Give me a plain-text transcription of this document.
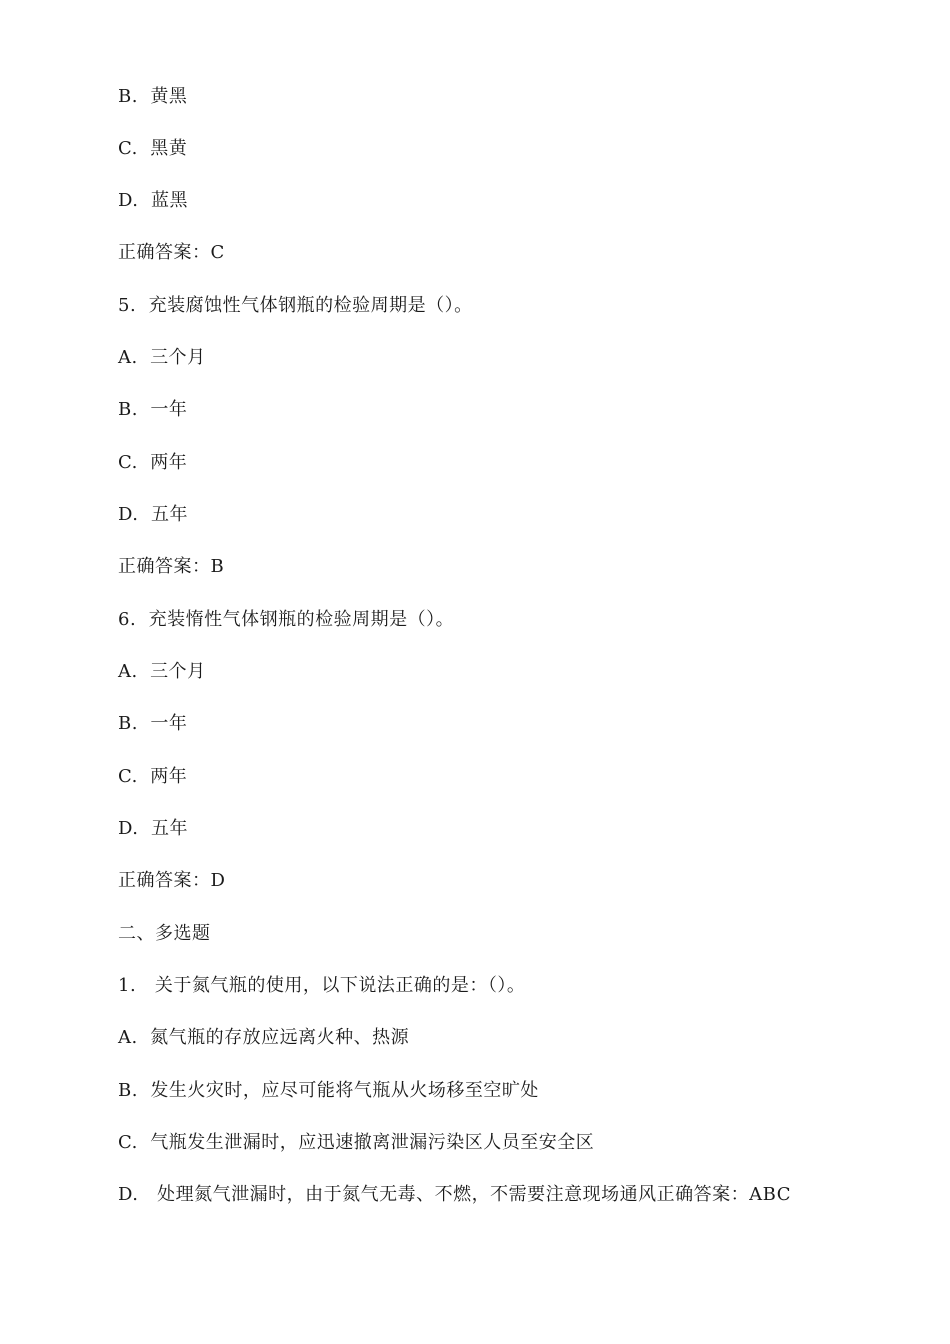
B.  黄黑
C.  黑黄
D.  蓝黑
正确答案：C
5.  充装腐蚀性气体钢瓶的检验周期是（）。
A.  三个月
B.  一年
C.  两年
D.  五年
正确答案：B
6.  充装惰性气体钢瓶的检验周期是（）。
A.  三个月
B.  一年
C.  两年
D.  五年
正确答案：D
二、多选题
1.   关于氮气瓶的使用，以下说法正确的是：（）。
A.  氮气瓶的存放应远离火种、热源
B.  发生火灾时，应尽可能将气瓶从火场移至空旷处
C.  气瓶发生泄漏时，应迅速撤离泄漏污染区人员至安全区
D.   处理氮气泄漏时，由于氮气无毒、不燃，不需要注意现场通风正确答案：ABC
